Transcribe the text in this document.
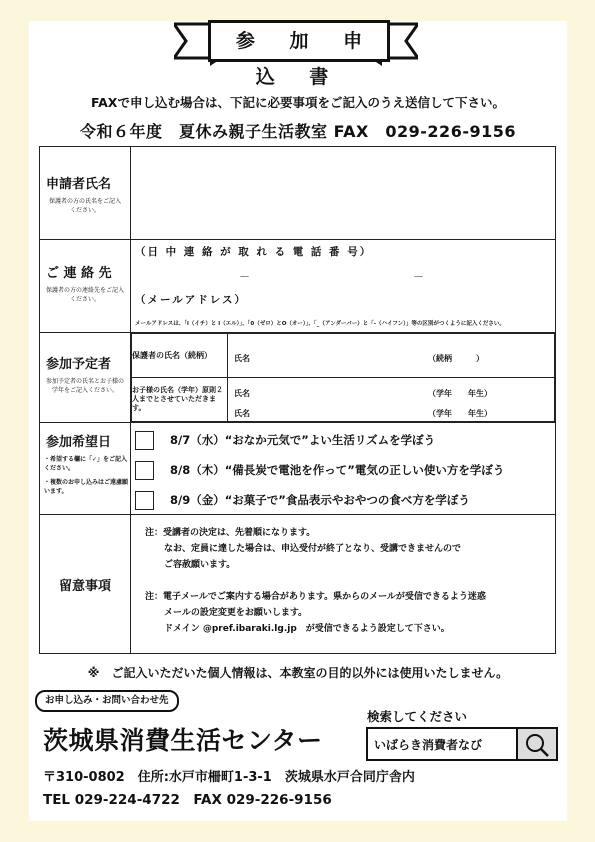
参 加 申 込 書
FAXで申し込む場合は、下記に必要事項をご記入のうえ送信して下さい。
令和６年度　夏休み親子生活教室 FAX　029-226-9156
申請者氏名
保護者の方の氏名をご記入ください。

ご 連 絡 先
保護者の方の連絡先をご記入ください。

（日 中 連 絡 が 取 れ る 電 話 番 号）
－	－
（メールアドレス）
メールアドレスは、「l（イチ）と l（エル）」、「0（ゼロ）とO（オー）」、「_（アンダーバー）と「-（ハイフン）」等の区別がつくように記入ください。

参加予定者
参加予定者の氏名とお子様の学年をご記入ください。

保護者の氏名（続柄）	氏名	（続柄　　　）

お子様の氏名（学年）原則２人までとさせていただきます。	
氏名	（学年　　年生）
氏名	（学年　　年生）

参加希望日
・希望する欄に「✓」をご記入ください。
・複数のお申し込みはご遠慮願います。

8/7（水）“おなか元気で”よい生活リズムを学ぼう
8/8（木）“備長炭で電池を作って”電気の正しい使い方を学ぼう
8/9（金）“お菓子で”食品表示やおやつの食べ方を学ぼう

留意事項

注：受講者の決定は、先着順になります。
なお、定員に達した場合は、申込受付が終了となり、受講できませんので
ご容赦願います。
注：電子メールでご案内する場合があります。県からのメールが受信できるよう迷惑
メールの設定変更をお願いします。
ドメイン @pref.ibaraki.lg.jp　が受信できるよう設定して下さい。
※　ご記入いただいた個人情報は、本教室の目的以外には使用いたしません。
お申し込み・お問い合わせ先
茨城県消費生活センター
検索してください
いばらき消費者なび
〒310-0802　住所:水戸市柵町1-3-1　茨城県水戸合同庁舎内
TEL 029-224-4722　FAX 029-226-9156
